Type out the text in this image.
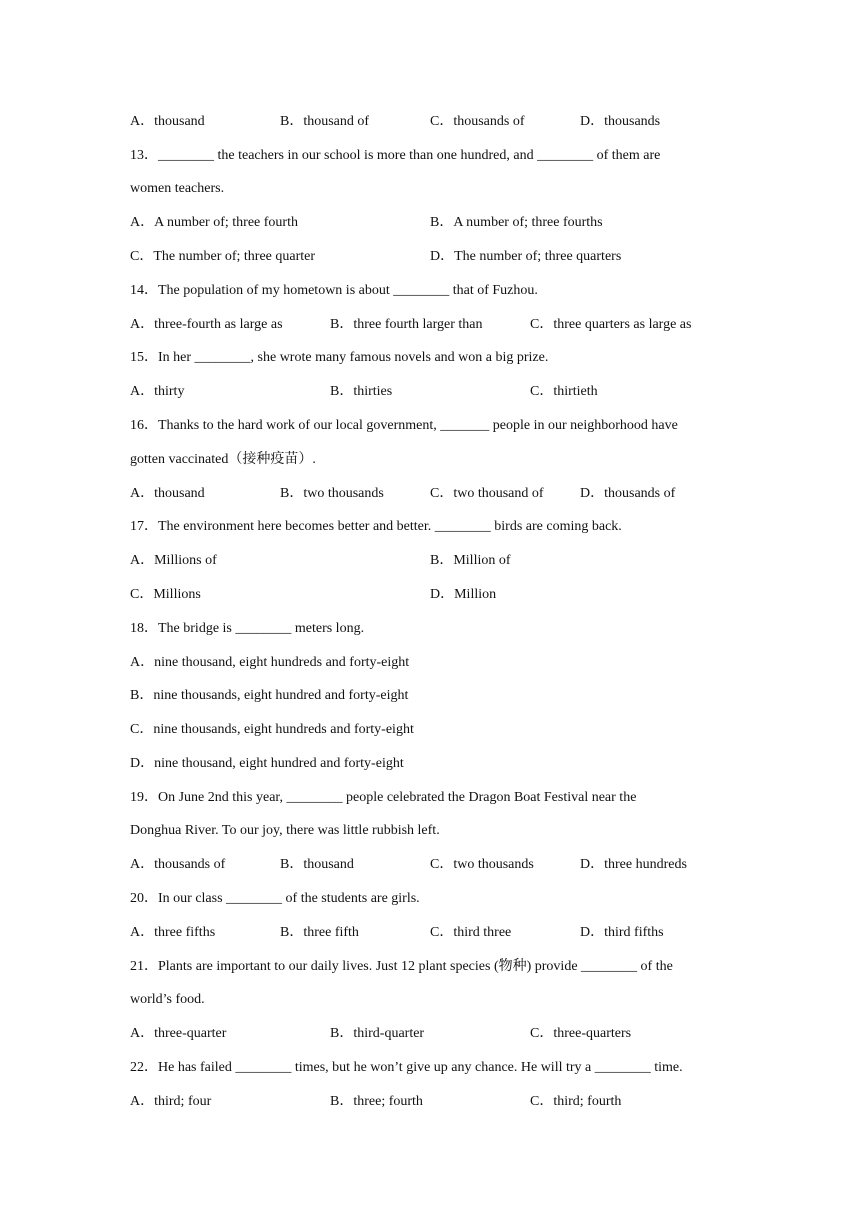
A．thousand	B．thousand of	C．thousands of	D．thousands
13．________ the teachers in our school is more than one hundred, and ________ of them are
women teachers.
A．A number of; three fourth	B．A number of; three fourths
C．The number of; three quarter	D．The number of; three quarters
14．The population of my hometown is about ________ that of Fuzhou.
A．three-fourth as large as	B．three fourth larger than	C．three quarters as large as
15．In her ________, she wrote many famous novels and won a big prize.
A．thirty	B．thirties	C．thirtieth
16．Thanks to the hard work of our local government, _______ people in our neighborhood have
gotten vaccinated（接种疫苗）.
A．thousand	B．two thousands	C．two thousand of	D．thousands of
17．The environment here becomes better and better. ________ birds are coming back.
A．Millions of	B．Million of
C．Millions	D．Million
18．The bridge is ________ meters long.
A．nine thousand, eight hundreds and forty-eight
B．nine thousands, eight hundred and forty-eight
C．nine thousands, eight hundreds and forty-eight
D．nine thousand, eight hundred and forty-eight
19．On June 2nd this year, ________ people celebrated the Dragon Boat Festival near the
Donghua River. To our joy, there was little rubbish left.
A．thousands of	B．thousand	C．two thousands	D．three hundreds
20．In our class ________ of the students are girls.
A．three fifths	B．three fifth	C．third three	D．third fifths
21．Plants are important to our daily lives. Just 12 plant species (物种) provide ________ of the
world’s food.
A．three-quarter	B．third-quarter	C．three-quarters
22．He has failed ________ times, but he won’t give up any chance. He will try a ________ time.
A．third; four	B．three; fourth	C．third; fourth
